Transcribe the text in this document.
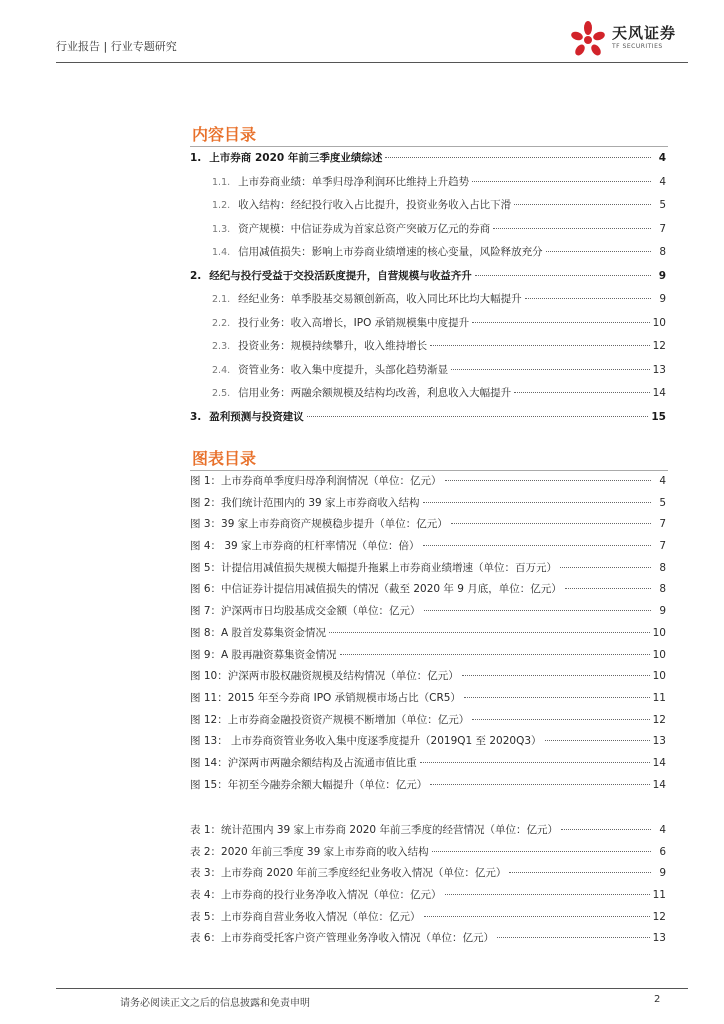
行业报告 | 行业专题研究
天风证券
TF SECURITIES
内容目录
1. 上市券商 2020 年前三季度业绩综述	4
1.1. 上市券商业绩：单季归母净利润环比维持上升趋势	4
1.2. 收入结构：经纪投行收入占比提升，投资业务收入占比下滑	5
1.3. 资产规模：中信证券成为首家总资产突破万亿元的券商	7
1.4. 信用减值损失：影响上市券商业绩增速的核心变量，风险释放充分	8
2. 经纪与投行受益于交投活跃度提升，自营规模与收益齐升	9
2.1. 经纪业务：单季股基交易额创新高，收入同比环比均大幅提升	9
2.2. 投行业务：收入高增长，IPO 承销规模集中度提升	10
2.3. 投资业务：规模持续攀升，收入维持增长	12
2.4. 资管业务：收入集中度提升，头部化趋势渐显	13
2.5. 信用业务：两融余额规模及结构均改善，利息收入大幅提升	14
3. 盈利预测与投资建议	15
图表目录
图 1：上市券商单季度归母净利润情况（单位：亿元）	4
图 2：我们统计范围内的 39 家上市券商收入结构	5
图 3：39 家上市券商资产规模稳步提升（单位：亿元）	7
图 4： 39 家上市券商的杠杆率情况（单位：倍）	7
图 5：计提信用减值损失规模大幅提升拖累上市券商业绩增速（单位：百万元）	8
图 6：中信证券计提信用减值损失的情况（截至 2020 年 9 月底，单位：亿元）	8
图 7：沪深两市日均股基成交金额（单位：亿元）	9
图 8：A 股首发募集资金情况	10
图 9：A 股再融资募集资金情况	10
图 10：沪深两市股权融资规模及结构情况（单位：亿元）	10
图 11：2015 年至今券商 IPO 承销规模市场占比（CR5）	11
图 12：上市券商金融投资资产规模不断增加（单位：亿元）	12
图 13： 上市券商资管业务收入集中度逐季度提升（2019Q1 至 2020Q3）	13
图 14：沪深两市两融余额结构及占流通市值比重	14
图 15：年初至今融券余额大幅提升（单位：亿元）	14
表 1：统计范围内 39 家上市券商 2020 年前三季度的经营情况（单位：亿元）	4
表 2：2020 年前三季度 39 家上市券商的收入结构	6
表 3：上市券商 2020 年前三季度经纪业务收入情况（单位：亿元）	9
表 4：上市券商的投行业务净收入情况（单位：亿元）	11
表 5：上市券商自营业务收入情况（单位：亿元）	12
表 6：上市券商受托客户资产管理业务净收入情况（单位：亿元）	13
请务必阅读正文之后的信息披露和免责申明	2
